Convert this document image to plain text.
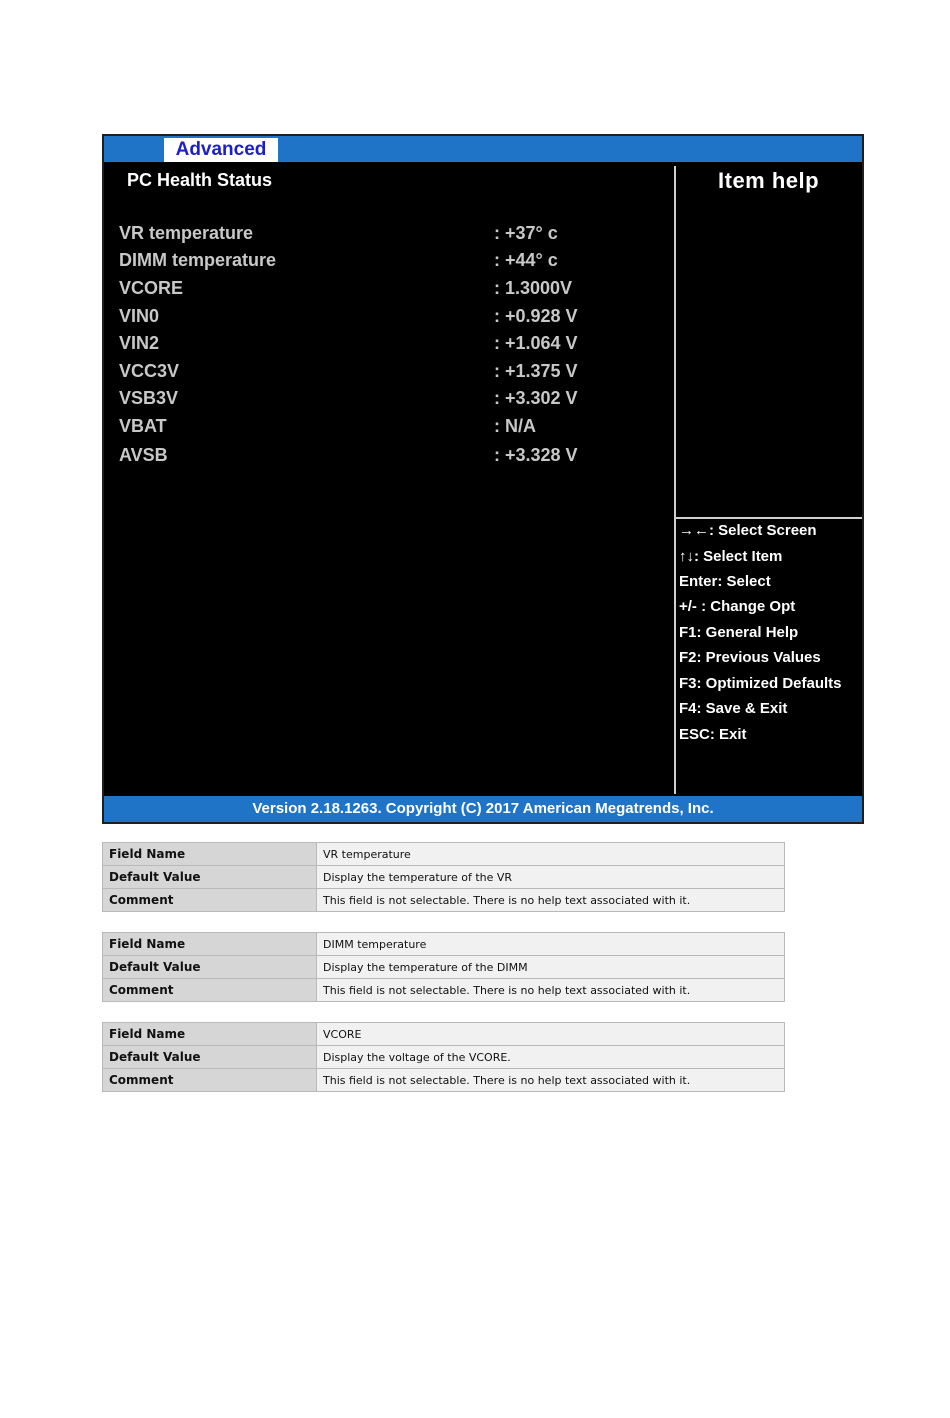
Advanced
PC Health Status
VR temperature	: +37° c
DIMM temperature	: +44° c
VCORE	: 1.3000V
VIN0	: +0.928 V
VIN2	: +1.064 V
VCC3V	: +1.375 V
VSB3V	: +3.302 V
VBAT	: N/A
AVSB	: +3.328 V
Item help
→←: Select Screen
↑↓: Select Item
Enter: Select
+/- : Change Opt
F1: General Help
F2: Previous Values
F3: Optimized Defaults
F4: Save & Exit
ESC: Exit
Version 2.18.1263. Copyright (C) 2017 American Megatrends, Inc.
Field Name	VR temperature
Default Value	Display the temperature of the VR
Comment	This field is not selectable. There is no help text associated with it.
Field Name	DIMM temperature
Default Value	Display the temperature of the DIMM
Comment	This field is not selectable. There is no help text associated with it.
Field Name	VCORE
Default Value	Display the voltage of the VCORE.
Comment	This field is not selectable. There is no help text associated with it.
